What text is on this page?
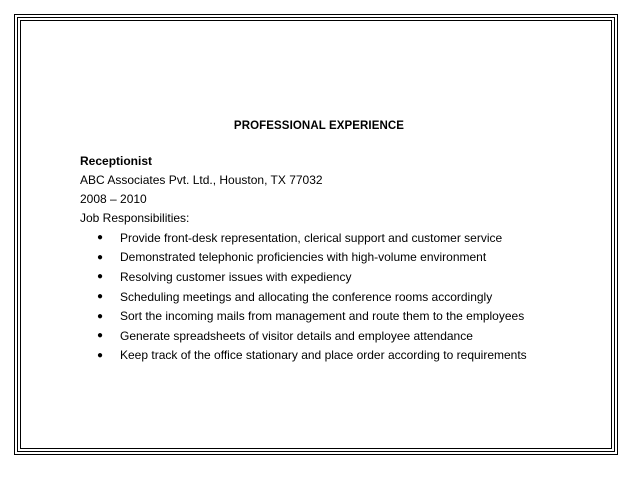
PROFESSIONAL EXPERIENCE
Receptionist
ABC Associates Pvt. Ltd., Houston, TX 77032
2008 – 2010
Job Responsibilities:
●	Provide front-desk representation, clerical support and customer service
●	Demonstrated telephonic proficiencies with high-volume environment
●	Resolving customer issues with expediency
●	Scheduling meetings and allocating the conference rooms accordingly
●	Sort the incoming mails from management and route them to the employees
●	Generate spreadsheets of visitor details and employee attendance
●	Keep track of the office stationary and place order according to requirements
